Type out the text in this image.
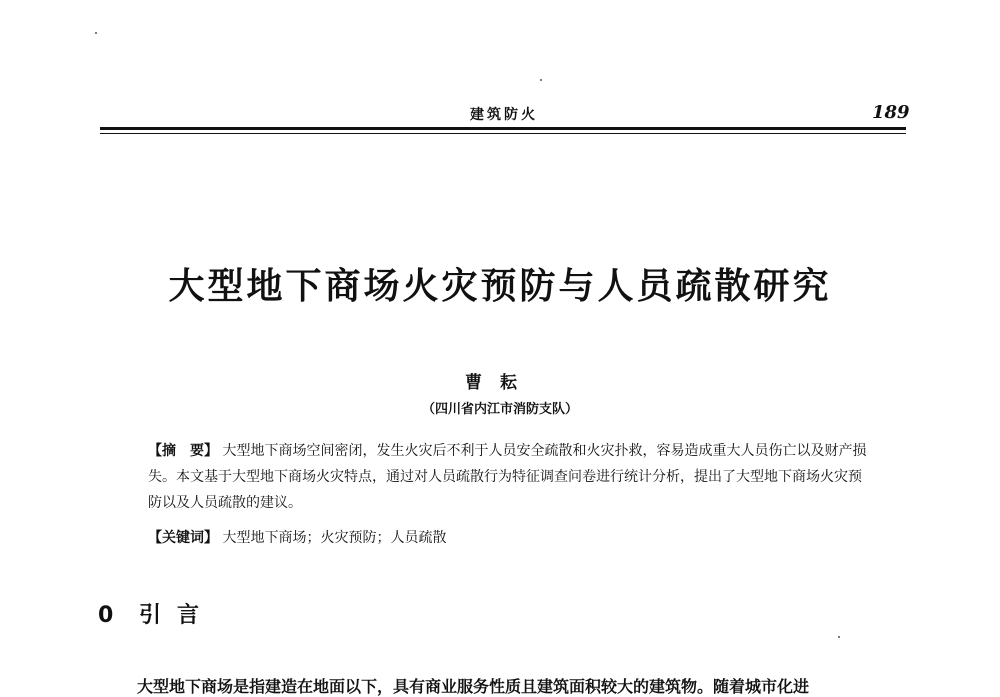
建筑防火	189
大型地下商场火灾预防与人员疏散研究
曹耘
（四川省内江市消防支队）
【摘　要】 大型地下商场空间密闭，发生火灾后不利于人员安全疏散和火灾扑救，容易造成重大人员伤亡以及财产损失。本文基于大型地下商场火灾特点，通过对人员疏散行为特征调查问卷进行统计分析，提出了大型地下商场火灾预防以及人员疏散的建议。
【关键词】 大型地下商场；火灾预防；人员疏散
0 引言
大型地下商场是指建造在地面以下，具有商业服务性质且建筑面积较大的建筑物。随着城市化进
